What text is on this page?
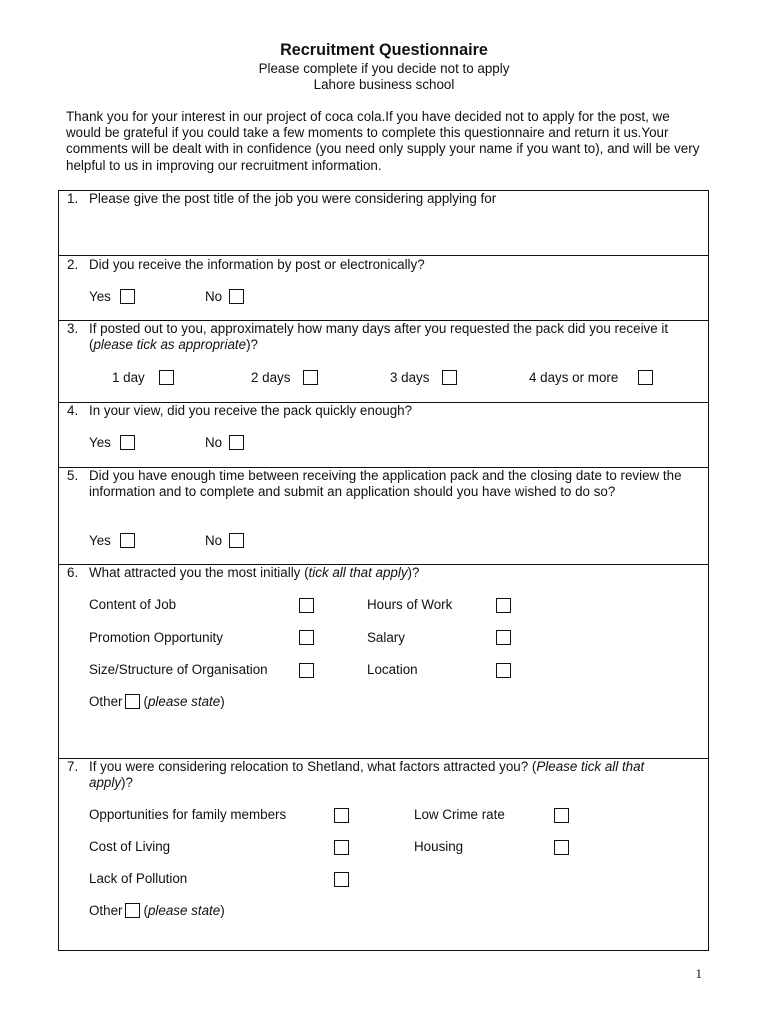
Recruitment Questionnaire
Please complete if you decide not to apply
Lahore business school
Thank you for your interest in our project of coca cola.If you have decided not to apply for the post, we would be grateful if you could take a few moments to complete this questionnaire and return it us.Your comments will be dealt with in confidence (you need only supply your name if you want to), and will be very helpful to us in improving our recruitment information.
1. Please give the post title of the job you were considering applying for
2. Did you receive the information by post or electronically?
Yes	No
3. If posted out to you, approximately how many days after you requested the pack did you receive it (please tick as appropriate)?
1 day	2 days	3 days	4 days or more
4. In your view, did you receive the pack quickly enough?
Yes	No
5. Did you have enough time between receiving the application pack and the closing date to review the information and to complete and submit an application should you have wished to do so?
Yes	No
6. What attracted you the most initially (tick all that apply)?
Content of Job	Hours of Work
Promotion Opportunity	Salary
Size/Structure of Organisation	Location
Other (please state)
7. If you were considering relocation to Shetland, what factors attracted you? (Please tick all that apply)?
Opportunities for family members	Low Crime rate
Cost of Living	Housing
Lack of Pollution
Other (please state)
1
